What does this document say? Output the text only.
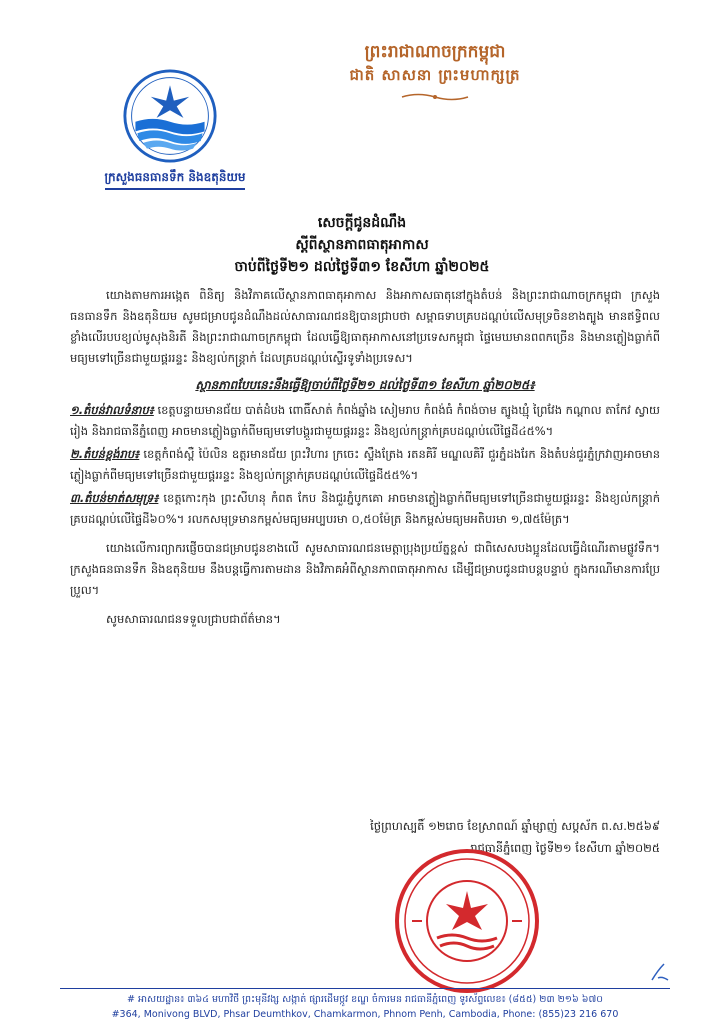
ព្រះរាជាណាចក្រកម្ពុជា
ជាតិ សាសនា ព្រះមហាក្សត្រ
ក្រសួងធនធានទឹក និងឧតុនិយម
សេចក្តីជូនដំណឹង
ស្តីពីស្ថានភាពធាតុអាកាស
ចាប់ពីថ្ងៃទី២១ ដល់ថ្ងៃទី៣១ ខែសីហា ឆ្នាំ២០២៥

យោងតាមការអង្កេត ពិនិត្យ និងវិភាគលើស្ថានភាពធាតុអាកាស និងអាកាសធាតុនៅក្នុងតំបន់ និងព្រះរាជាណាចក្រកម្ពុជា ក្រសួងធនធានទឹក និងឧតុនិយម សូមជម្រាបជូនដំណឹងដល់សាធារណជនឱ្យបានជ្រាបថា សម្ពាធទាបគ្របដណ្តប់លើសមុទ្រចិនខាងត្បូង មានឥទ្ធិពលខ្លាំងលើរបបខ្យល់មូសុងនិរតី និងព្រះរាជាណាចក្រកម្ពុជា ដែលធ្វើឱ្យធាតុអាកាសនៅប្រទេសកម្ពុជា ផ្ទៃមេឃមានពពកច្រើន និងមានភ្លៀងធ្លាក់ពីមធ្យមទៅច្រើនជាមួយផ្គររន្ទះ និងខ្យល់កន្ត្រាក់ ដែលគ្របដណ្តប់ស្ទើរទូទាំងប្រទេស។

ស្ថានភាពបែបនេះនឹងធ្វើឱ្យចាប់ពីថ្ងៃទី២១ ដល់ថ្ងៃទី៣១ ខែសីហា ឆ្នាំ២០២៥៖

១.តំបន់វាលទំនាប៖ ខេត្តបន្ទាយមានជ័យ បាត់ដំបង ពោធិ៍សាត់ កំពង់ឆ្នាំង សៀមរាប កំពង់ធំ កំពង់ចាម ត្បូងឃ្មុំ ព្រៃវែង កណ្តាល តាកែវ ស្វាយរៀង និងរាជធានីភ្នំពេញ អាចមានភ្លៀងធ្លាក់ពីមធ្យមទៅបង្គួរជាមួយផ្គររន្ទះ និងខ្យល់កន្ត្រាក់គ្របដណ្តប់លើផ្ទៃដី៤៥%។

២.តំបន់ខ្ពង់រាប៖ ខេត្តកំពង់ស្ពឺ ប៉ៃលិន ឧត្តរមានជ័យ ព្រះវិហារ ក្រចេះ ស្ទឹងត្រែង រតនគិរី មណ្ឌលគិរី ជួរភ្នំដងរែក និងតំបន់ជួរភ្នំក្រវាញអាចមានភ្លៀងធ្លាក់ពីមធ្យមទៅច្រើនជាមួយផ្គររន្ទះ និងខ្យល់កន្ត្រាក់គ្របដណ្តប់លើផ្ទៃដី៥៥%។

៣.តំបន់មាត់សមុទ្រ៖ ខេត្តកោះកុង ព្រះសីហនុ កំពត កែប និងជួរភ្នំបូកគោ អាចមានភ្លៀងធ្លាក់ពីមធ្យមទៅច្រើនជាមួយផ្គររន្ទះ និងខ្យល់កន្ត្រាក់គ្របដណ្តប់លើផ្ទៃដី៦០%។ រលកសមុទ្រមានកម្ពស់មធ្យមអប្បបរមា ០,៥០ម៉ែត្រ និងកម្ពស់មធ្យមអតិបរមា ១,៧៥ម៉ែត្រ។

យោងលើការព្យាករផ្ញើចបានជម្រាបជូនខាងលើ សូមសាធារណជនមេត្តាប្រុងប្រយ័ត្នខ្ពស់ ជាពិសេសបងប្អូនដែលធ្វើដំណើរតាមផ្លូវទឹក។ ក្រសួងធនធានទឹក និងឧតុនិយម នឹងបន្តធ្វើការតាមដាន និងវិភាគអំពីស្ថានភាពធាតុអាកាស ដើម្បីជម្រាបជូនជាបន្តបន្ទាប់ ក្នុងករណីមានការប្រែប្រួល។

សូមសាធារណជនទទួលជ្រាបជាព័ត៌មាន។

ថ្ងៃព្រហស្បតិ៍ ១២រោច ខែស្រាពណ៍ ឆ្នាំម្សាញ់ សប្តស័ក ព.ស.២៥៦៩
រាជធានីភ្នំពេញ ថ្ងៃទី២១ ខែសីហា ឆ្នាំ២០២៥
# អាសយដ្ឋាន៖ ៣៦៤ មហាវិថី ព្រះមុនីវង្ស សង្កាត់ ផ្សារដើមថ្កូវ ខណ្ឌ ចំការមន រាជធានីភ្នំពេញ ទូរស័ព្ទលេខ៖ (៨៥៥) ២៣ ២១៦ ៦៧០
#364, Monivong BLVD, Phsar Deumthkov, Chamkarmon, Phnom Penh, Cambodia, Phone: (855)23 216 670
